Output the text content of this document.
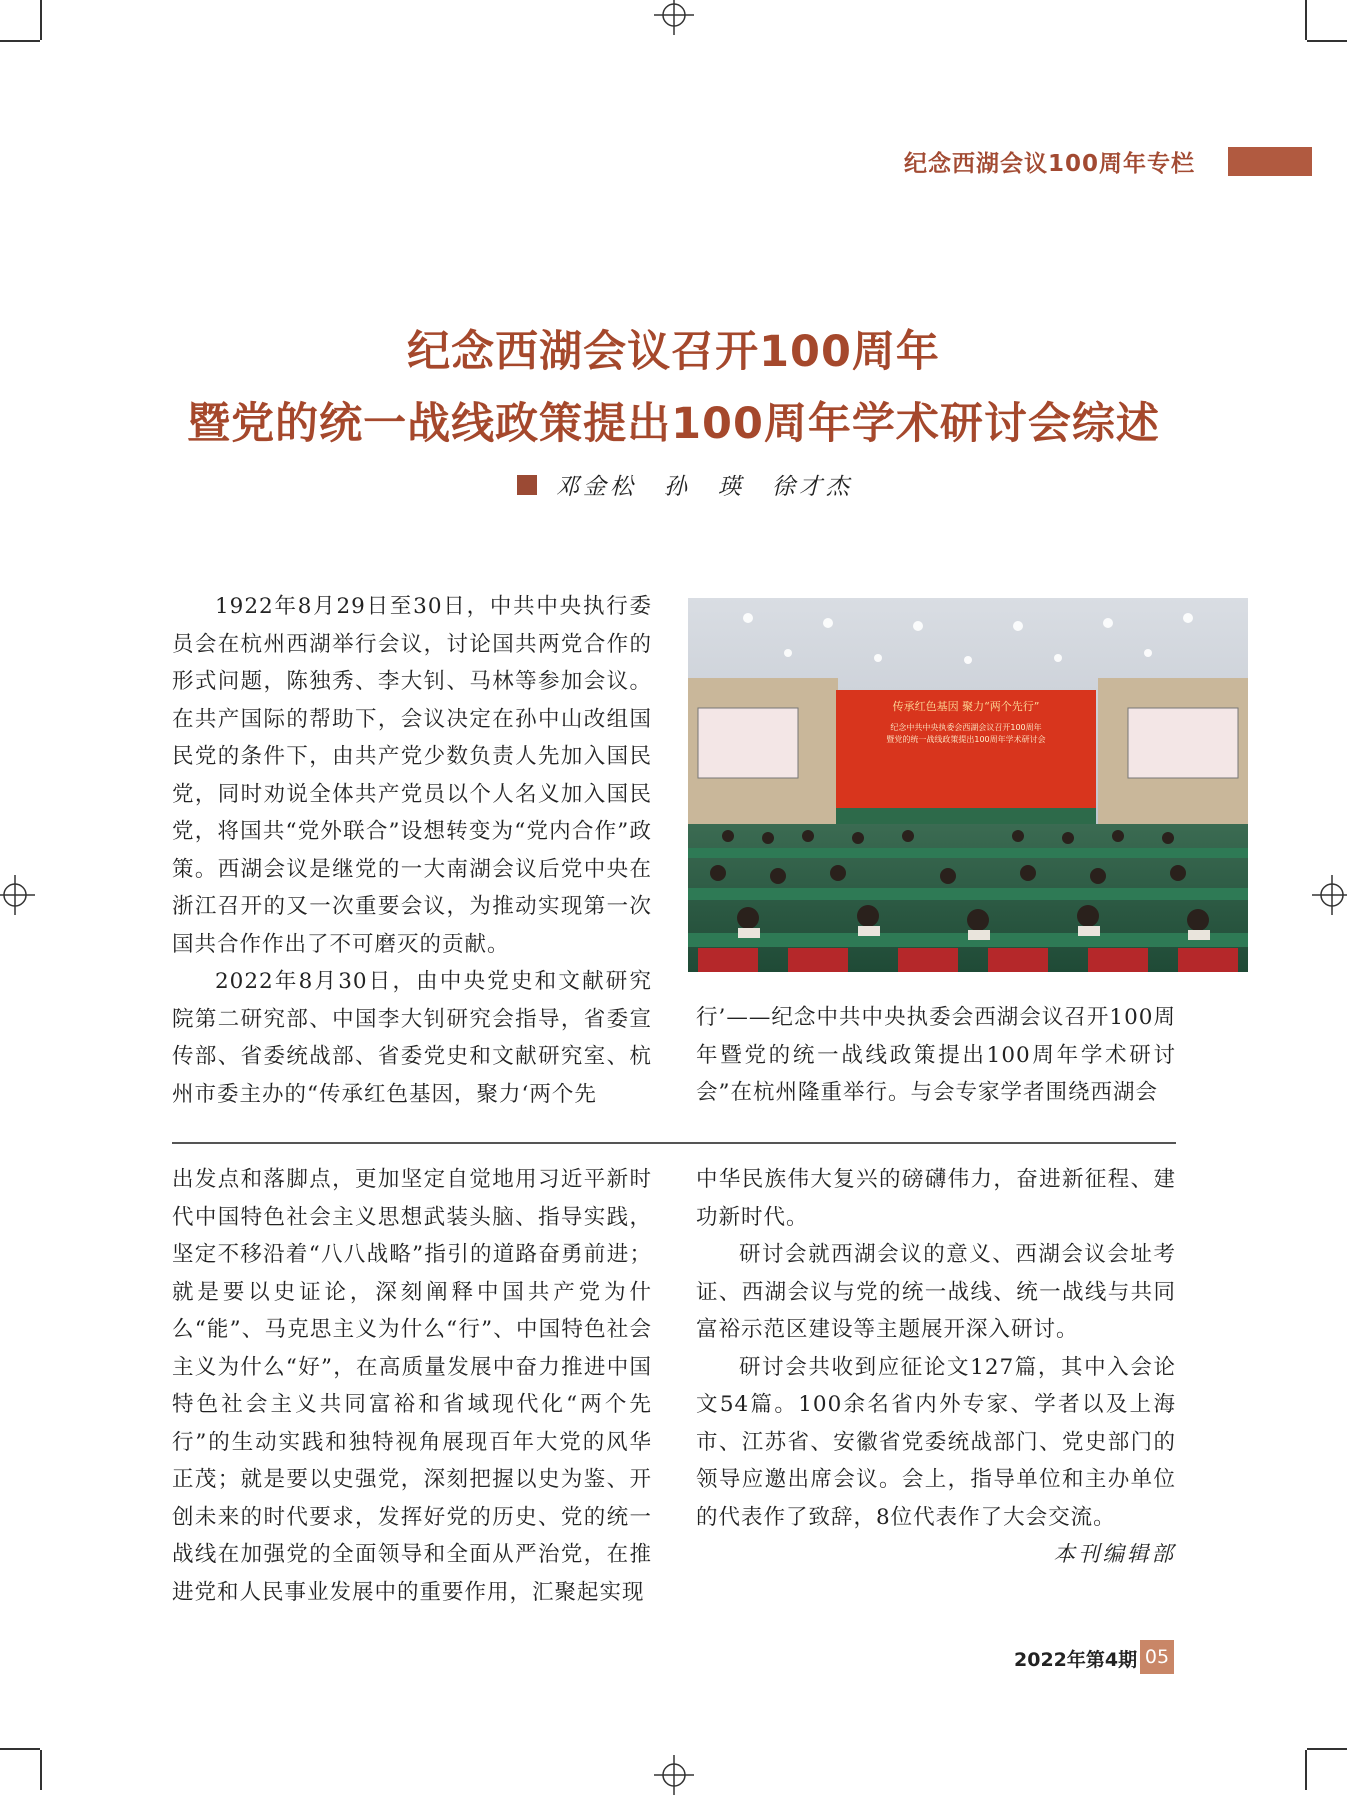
纪念西湖会议100周年专栏
纪念西湖会议召开100周年
暨党的统一战线政策提出100周年学术研讨会综述
邓金松　孙　瑛　徐才杰
传承红色基因 聚力“两个先行”
纪念中共中央执委会西湖会议召开100周年
暨党的统一战线政策提出100周年学术研讨会

1922年8月29日至30日，中共中央执行委员会在杭州西湖举行会议，讨论国共两党合作的形式问题，陈独秀、李大钊、马林等参加会议。在共产国际的帮助下，会议决定在孙中山改组国民党的条件下，由共产党少数负责人先加入国民党，同时劝说全体共产党员以个人名义加入国民党，将国共“党外联合”设想转变为“党内合作”政策。西湖会议是继党的一大南湖会议后党中央在浙江召开的又一次重要会议，为推动实现第一次国共合作作出了不可磨灭的贡献。

2022年8月30日，由中央党史和文献研究院第二研究部、中国李大钊研究会指导，省委宣传部、省委统战部、省委党史和文献研究室、杭州市委主办的“传承红色基因，聚力‘两个先

行’——纪念中共中央执委会西湖会议召开100周年暨党的统一战线政策提出100周年学术研讨会”在杭州隆重举行。与会专家学者围绕西湖会

出发点和落脚点，更加坚定自觉地用习近平新时代中国特色社会主义思想武装头脑、指导实践，坚定不移沿着“八八战略”指引的道路奋勇前进；就是要以史证论，深刻阐释中国共产党为什么“能”、马克思主义为什么“行”、中国特色社会主义为什么“好”，在高质量发展中奋力推进中国特色社会主义共同富裕和省域现代化“两个先行”的生动实践和独特视角展现百年大党的风华正茂；就是要以史强党，深刻把握以史为鉴、开创未来的时代要求，发挥好党的历史、党的统一战线在加强党的全面领导和全面从严治党，在推进党和人民事业发展中的重要作用，汇聚起实现

中华民族伟大复兴的磅礴伟力，奋进新征程、建功新时代。

研讨会就西湖会议的意义、西湖会议会址考证、西湖会议与党的统一战线、统一战线与共同富裕示范区建设等主题展开深入研讨。

研讨会共收到应征论文127篇，其中入会论文54篇。100余名省内外专家、学者以及上海市、江苏省、安徽省党委统战部门、党史部门的领导应邀出席会议。会上，指导单位和主办单位的代表作了致辞，8位代表作了大会交流。

本刊编辑部

2022年第4期 05
